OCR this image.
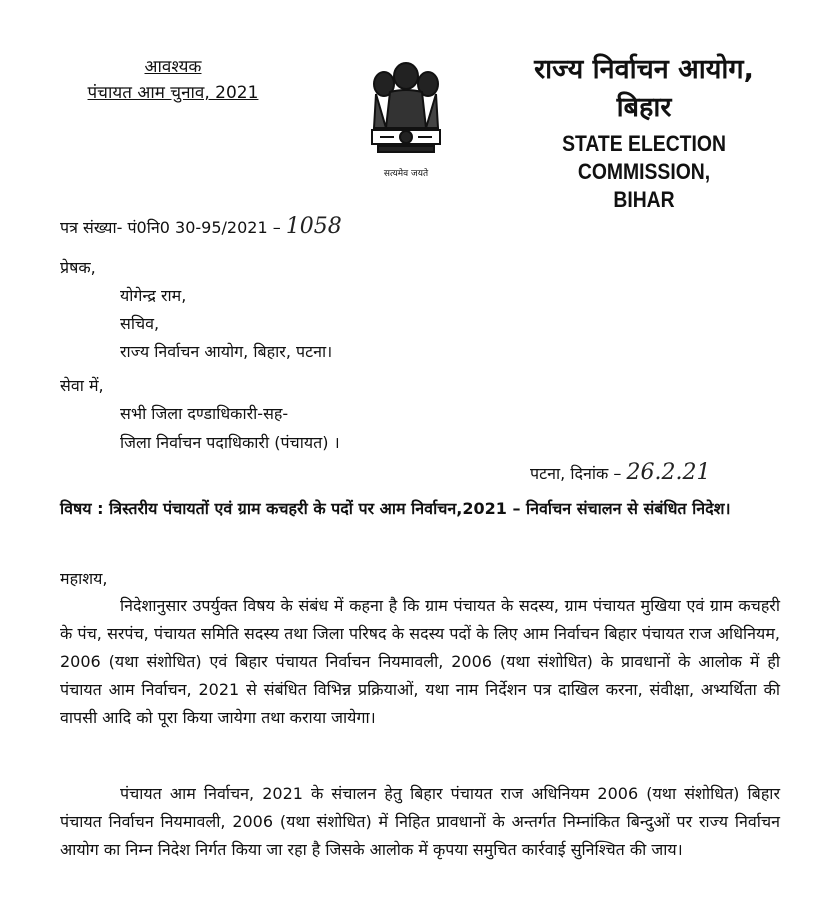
आवश्यक
पंचायत आम चुनाव, 2021
सत्यमेव जयते
राज्य निर्वाचन आयोग,
बिहार
STATE ELECTION COMMISSION,
BIHAR
पत्र संख्या- पं0नि0 30-95/2021 – 1058
प्रेषक,
योगेन्द्र राम,
सचिव,
राज्य निर्वाचन आयोग, बिहार, पटना।
सेवा में,
सभी जिला दण्डाधिकारी-सह-
जिला निर्वाचन पदाधिकारी (पंचायत) ।
पटना, दिनांक – 26.2.21
विषय : त्रिस्तरीय पंचायतों एवं ग्राम कचहरी के पदों पर आम निर्वाचन,2021 – निर्वाचन संचालन से संबंधित निदेश।
महाशय,
निदेशानुसार उपर्युक्त विषय के संबंध में कहना है कि ग्राम पंचायत के सदस्य, ग्राम पंचायत मुखिया एवं ग्राम कचहरी के पंच, सरपंच, पंचायत समिति सदस्य तथा जिला परिषद के सदस्य पदों के लिए आम निर्वाचन बिहार पंचायत राज अधिनियम, 2006 (यथा संशोधित) एवं बिहार पंचायत निर्वाचन नियमावली, 2006 (यथा संशोधित) के प्रावधानों के आलोक में ही पंचायत आम निर्वाचन, 2021 से संबंधित विभिन्न प्रक्रियाओं, यथा नाम निर्देशन पत्र दाखिल करना, संवीक्षा, अभ्यर्थिता की वापसी आदि को पूरा किया जायेगा तथा कराया जायेगा।
पंचायत आम निर्वाचन, 2021 के संचालन हेतु बिहार पंचायत राज अधिनियम 2006 (यथा संशोधित) बिहार पंचायत निर्वाचन नियमावली, 2006 (यथा संशोधित) में निहित प्रावधानों के अन्तर्गत निम्नांकित बिन्दुओं पर राज्य निर्वाचन आयोग का निम्न निदेश निर्गत किया जा रहा है जिसके आलोक में कृपया समुचित कार्रवाई सुनिश्चित की जाय।
